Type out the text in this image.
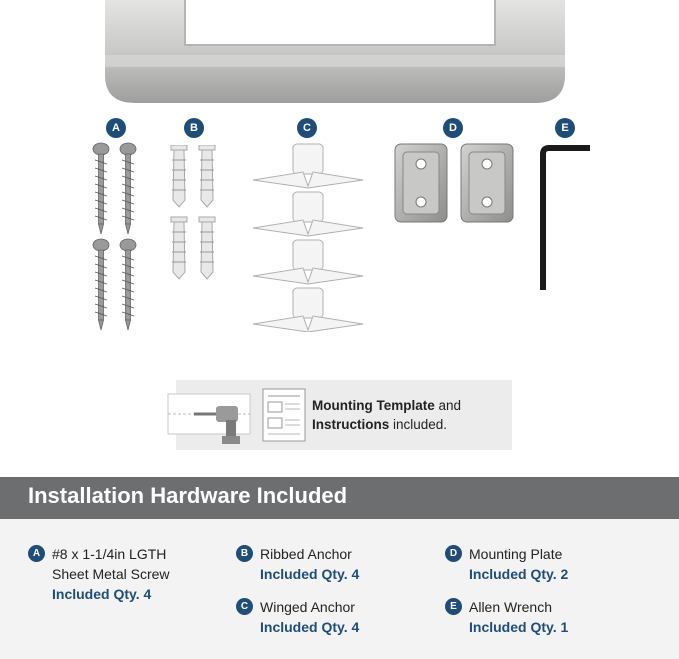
A	B	C	D	E
Mounting Template and
Instructions included.
Installation Hardware Included
A #8 x 1-1/4in LGTH
Sheet Metal Screw
Included Qty. 4
B Ribbed Anchor
Included Qty. 4
C Winged Anchor
Included Qty. 4
D Mounting Plate
Included Qty. 2
E Allen Wrench
Included Qty. 1
